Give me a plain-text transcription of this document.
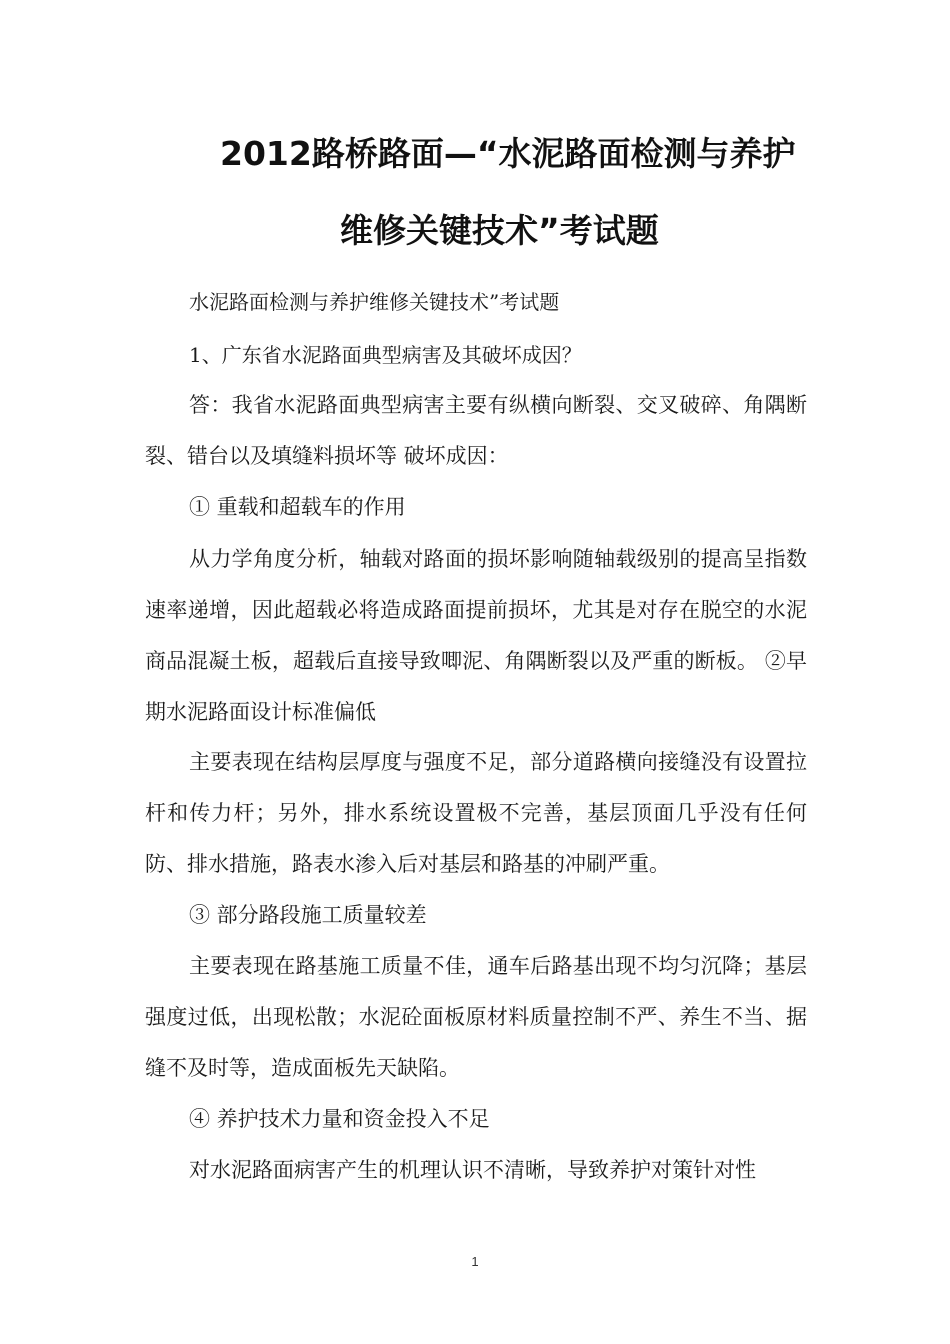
2012路桥路面—“水泥路面检测与养护
维修关键技术”考试题

水泥路面检测与养护维修关键技术”考试题

1、广东省水泥路面典型病害及其破坏成因？

答：我省水泥路面典型病害主要有纵横向断裂、交叉破碎、角隅断裂、错台以及填缝料损坏等 破坏成因：

① 重载和超载车的作用

从力学角度分析，轴载对路面的损坏影响随轴载级别的提高呈指数速率递增，因此超载必将造成路面提前损坏，尤其是对存在脱空的水泥商品混凝土板，超载后直接导致唧泥、角隅断裂以及严重的断板。 ②早期水泥路面设计标准偏低

主要表现在结构层厚度与强度不足，部分道路横向接缝没有设置拉杆和传力杆；另外，排水系统设置极不完善，基层顶面几乎没有任何防、排水措施，路表水渗入后对基层和路基的冲刷严重。

③ 部分路段施工质量较差

主要表现在路基施工质量不佳，通车后路基出现不均匀沉降；基层强度过低，出现松散；水泥砼面板原材料质量控制不严、养生不当、据缝不及时等，造成面板先天缺陷。

④ 养护技术力量和资金投入不足

对水泥路面病害产生的机理认识不清晰，导致养护对策针对性

1
